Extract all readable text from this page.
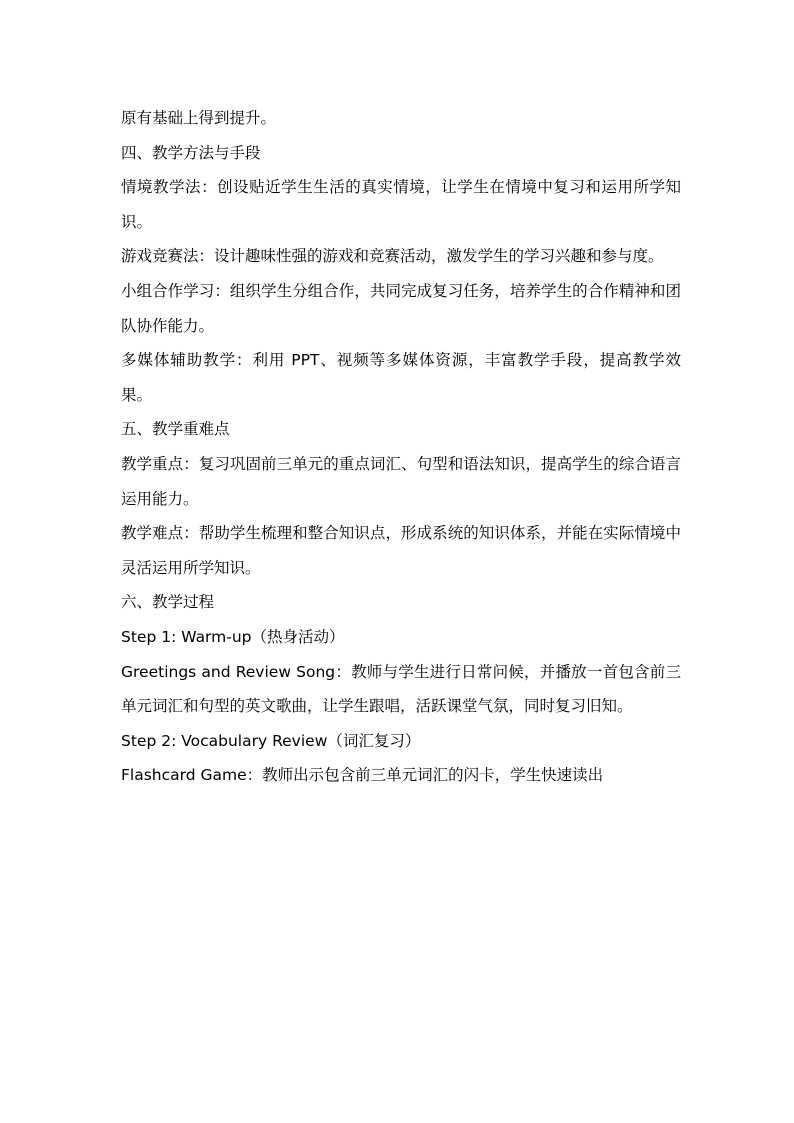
原有基础上得到提升。

四、教学方法与手段

情境教学法：创设贴近学生生活的真实情境，让学生在情境中复习和运用所学知识。

游戏竞赛法：设计趣味性强的游戏和竞赛活动，激发学生的学习兴趣和参与度。

小组合作学习：组织学生分组合作，共同完成复习任务，培养学生的合作精神和团队协作能力。

多媒体辅助教学：利用 PPT、视频等多媒体资源，丰富教学手段，提高教学效果。

五、教学重难点

教学重点：复习巩固前三单元的重点词汇、句型和语法知识，提高学生的综合语言运用能力。

教学难点：帮助学生梳理和整合知识点，形成系统的知识体系，并能在实际情境中灵活运用所学知识。

六、教学过程

Step 1: Warm-up（热身活动）

Greetings and Review Song：教师与学生进行日常问候，并播放一首包含前三单元词汇和句型的英文歌曲，让学生跟唱，活跃课堂气氛，同时复习旧知。

Step 2: Vocabulary Review（词汇复习）

Flashcard Game：教师出示包含前三单元词汇的闪卡，学生快速读出
